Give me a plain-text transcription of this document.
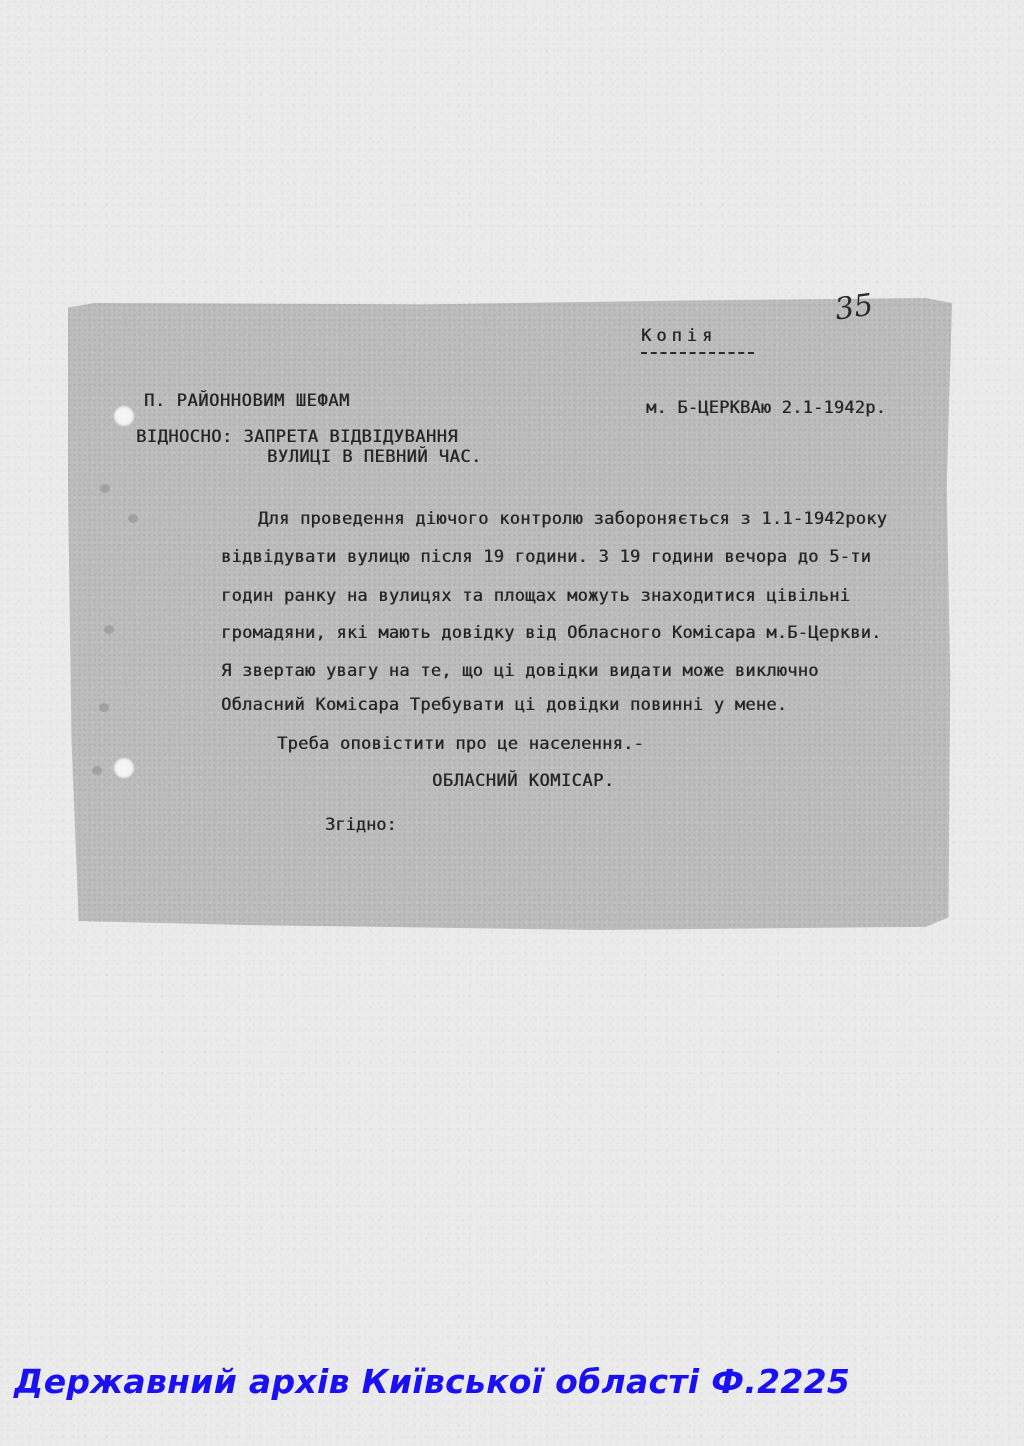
Копія
35
П. РАЙОННОВИМ ШЕФАМ	м. Б-ЦЕРКВАю 2.1-1942р.
ВІДНОСНО: ЗАПРЕТА ВІДВІДУВАННЯ
ВУЛИЦІ В ПЕВНИЙ ЧАС.
Для проведення діючого контролю забороняється з 1.1-1942року
відвідувати вулицю після 19 години. З 19 години вечора до 5-ти
годин ранку на вулицях та площах можуть знаходитися цівільні
громадяни, які мають довідку від Обласного Комісара м.Б-Церкви.
Я звертаю увагу на те, що ці довідки видати може виключно
Обласний Комісара Требувати ці довідки повинні у мене.
Треба оповістити про це населення.-
ОБЛАСНИЙ КОМІСАР.
Згідно:
Державний архів Київської області Ф.2225
